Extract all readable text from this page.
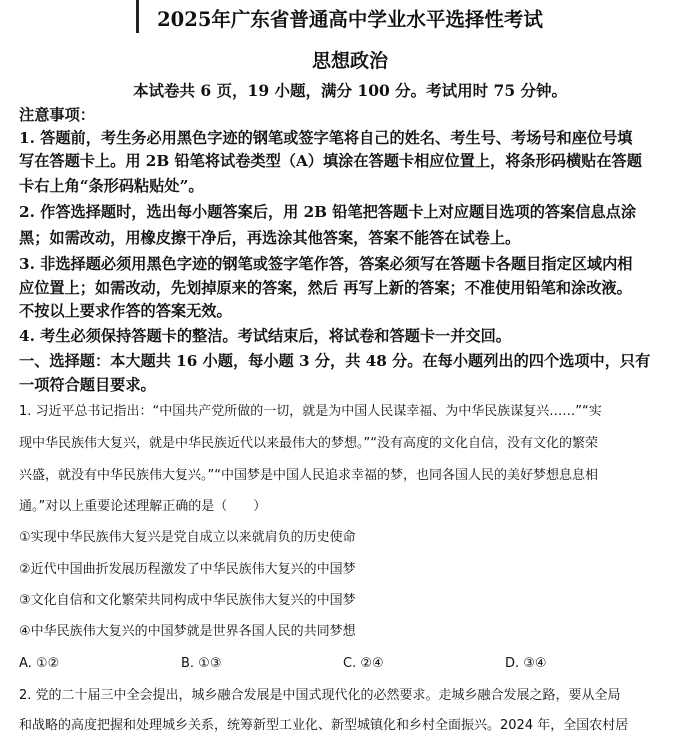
2025年广东省普通高中学业水平选择性考试
思想政治
本试卷共 6 页，19 小题，满分 100 分。考试用时 75 分钟。
注意事项：
1. 答题前，考生务必用黑色字迹的钢笔或签字笔将自己的姓名、考生号、考场号和座位号填
写在答题卡上。用 2B 铅笔将试卷类型（A）填涂在答题卡相应位置上，将条形码横贴在答题
卡右上角“条形码粘贴处”。
2. 作答选择题时，选出每小题答案后，用 2B 铅笔把答题卡上对应题目选项的答案信息点涂
黑；如需改动，用橡皮擦干净后，再选涂其他答案，答案不能答在试卷上。
3. 非选择题必须用黑色字迹的钢笔或签字笔作答，答案必须写在答题卡各题目指定区域内相
应位置上；如需改动，先划掉原来的答案，然后 再写上新的答案；不准使用铅笔和涂改液。
不按以上要求作答的答案无效。
4. 考生必须保持答题卡的整洁。考试结束后，将试卷和答题卡一并交回。
一、选择题：本大题共 16 小题，每小题 3 分，共 48 分。在每小题列出的四个选项中，只有
一项符合题目要求。
1. 习近平总书记指出：“中国共产党所做的一切，就是为中国人民谋幸福、为中华民族谋复兴……”“实
现中华民族伟大复兴，就是中华民族近代以来最伟大的梦想。”“没有高度的文化自信，没有文化的繁荣
兴盛，就没有中华民族伟大复兴。”“中国梦是中国人民追求幸福的梦，也同各国人民的美好梦想息息相
通。”对以上重要论述理解正确的是（　　）
①实现中华民族伟大复兴是党自成立以来就肩负的历史使命
②近代中国曲折发展历程激发了中华民族伟大复兴的中国梦
③文化自信和文化繁荣共同构成中华民族伟大复兴的中国梦
④中华民族伟大复兴的中国梦就是世界各国人民的共同梦想
A. ①②	B. ①③	C. ②④	D. ③④
2. 党的二十届三中全会提出，城乡融合发展是中国式现代化的必然要求。走城乡融合发展之路，要从全局
和战略的高度把握和处理城乡关系，统筹新型工业化、新型城镇化和乡村全面振兴。2024 年，全国农村居
